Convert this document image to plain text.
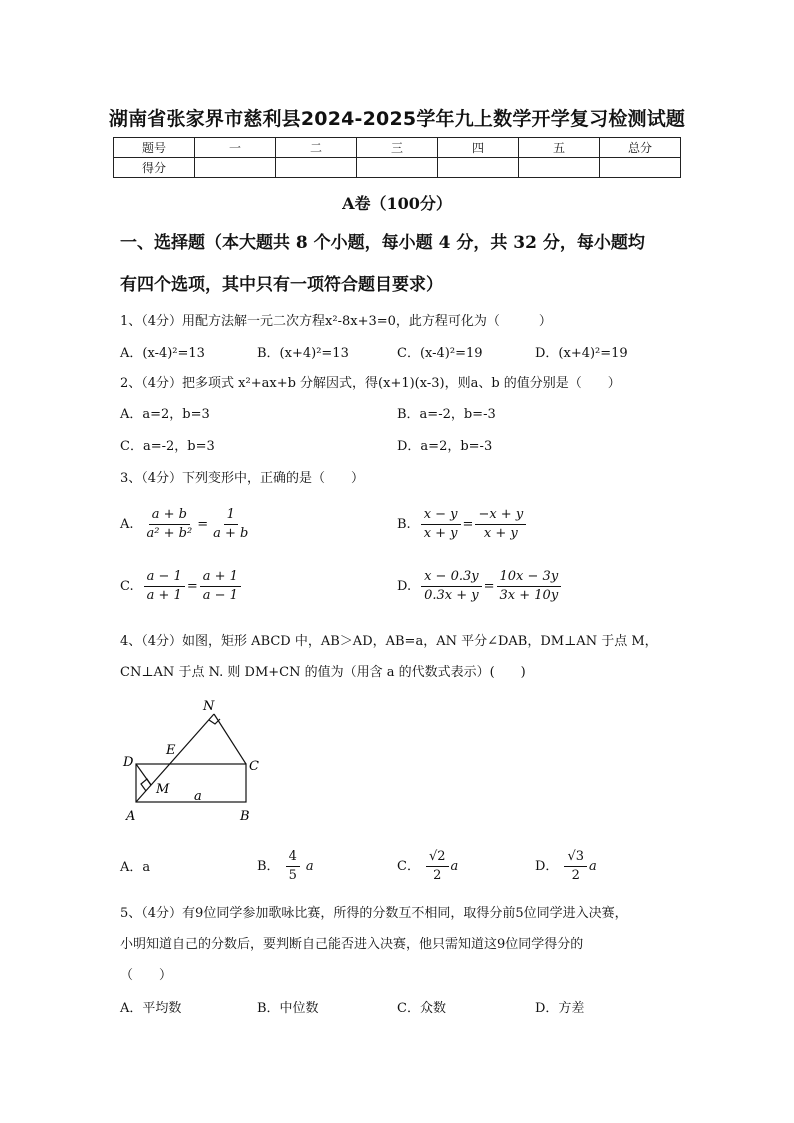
湖南省张家界市慈利县2024-2025学年九上数学开学复习检测试题
题号	一	二	三	四	五	总分
得分						
A卷（100分）
一、选择题（本大题共 8 个小题，每小题 4 分，共 32 分，每小题均
有四个选项，其中只有一项符合题目要求）
1、（4分）用配方法解一元二次方程x²-8x+3=0，此方程可化为（　　　）
A．(x-4)²=13	B．(x+4)²=13	C．(x-4)²=19	D．(x+4)²=19
2、（4分）把多项式 x²+ax+b 分解因式，得(x+1)(x-3)，则a、b 的值分别是（　　）
A．a=2，b=3	B．a=-2，b=-3
C．a=-2，b=3	D．a=2，b=-3
3、（4分）下列变形中，正确的是（　　）
A. $\frac{a + b}{\text{a² + b²}} = \frac{1}{a + b}$	B. $\frac{x - y}{x + y} = \frac{-x + y}{x + y}$
C. $\frac{a - 1}{a + 1} = \frac{a + 1}{a - 1}$	D. $\frac{x - 0.3y}{0.3x + y} = \frac{10x - 3y}{3x + 10y}$
4、（4分）如图，矩形 ABCD 中，AB＞AD，AB=a，AN 平分∠DAB，DM⊥AN 于点 M，
CN⊥AN 于点 N. 则 DM+CN 的值为（用含 a 的代数式表示）(　　)
N
E
D	C
M a
A	B
A．a	B． $\frac{4}{5}$ a	C． $\frac{√2}{2}$ a	D． $\frac{√3}{2}$ a
5、（4分）有9位同学参加歌咏比赛，所得的分数互不相同，取得分前5位同学进入决赛，
小明知道自己的分数后，要判断自己能否进入决赛，他只需知道这9位同学得分的
（　　）
A．平均数	B．中位数	C．众数	D．方差
